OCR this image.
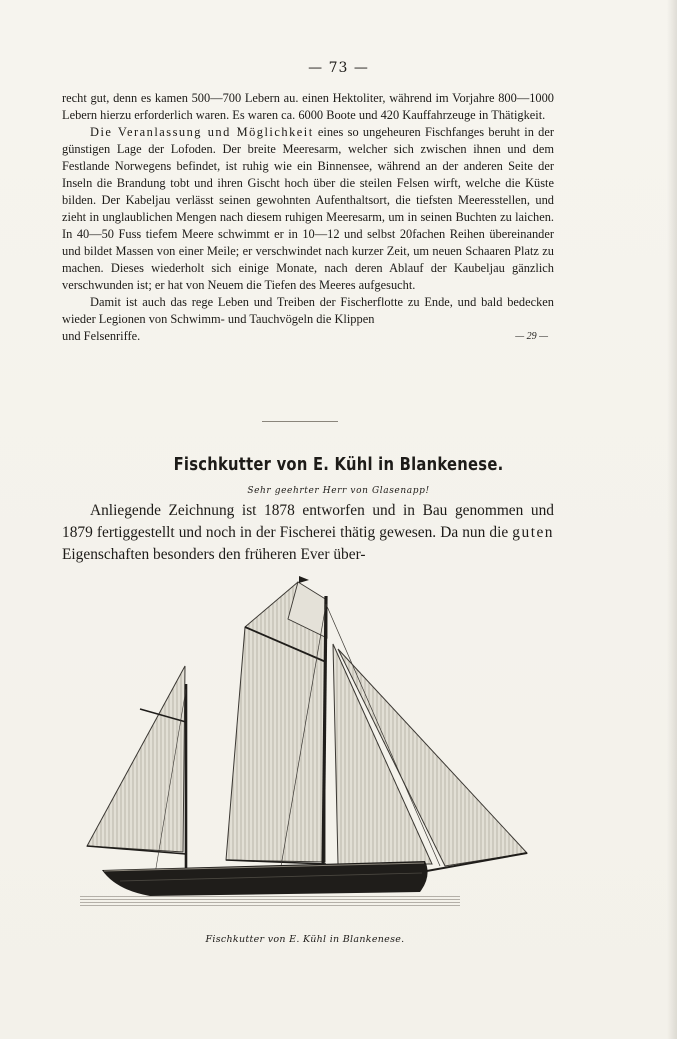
— 73 —

recht gut, denn es kamen 500—700 Lebern au. einen Hektoliter, während im Vorjahre 800—1000 Lebern hierzu erforderlich waren. Es waren ca. 6000 Boote und 420 Kauffahrzeuge in Thätigkeit.

Die Veranlassung und Möglichkeit eines so ungeheuren Fischfanges beruht in der günstigen Lage der Lofoden. Der breite Meeresarm, welcher sich zwischen ihnen und dem Festlande Norwegens befindet, ist ruhig wie ein Binnensee, während an der anderen Seite der Inseln die Brandung tobt und ihren Gischt hoch über die steilen Felsen wirft, welche die Küste bilden. Der Kabeljau verlässt seinen gewohnten Aufenthaltsort, die tiefsten Meeresstellen, und zieht in unglaublichen Mengen nach diesem ruhigen Meeresarm, um in seinen Buchten zu laichen. In 40—50 Fuss tiefem Meere schwimmt er in 10—12 und selbst 20fachen Reihen übereinander und bildet Massen von einer Meile; er verschwindet nach kurzer Zeit, um neuen Schaaren Platz zu machen. Dieses wiederholt sich einige Monate, nach deren Ablauf der Kaubeljau gänzlich verschwunden ist; er hat von Neuem die Tiefen des Meeres aufgesucht.

Damit ist auch das rege Leben und Treiben der Fischerflotte zu Ende, und bald bedecken wieder Legionen von Schwimm- und Tauchvögeln die Klippen

und Felsenriffe.	— 29 —
Fischkutter von E. Kühl in Blankenese.
Sehr geehrter Herr von Glasenapp!

Anliegende Zeichnung ist 1878 entworfen und in Bau genommen und 1879 fertiggestellt und noch in der Fischerei thätig gewesen. Da nun die guten Eigenschaften besonders den früheren Ever über-

Fischkutter von E. Kühl in Blankenese.
